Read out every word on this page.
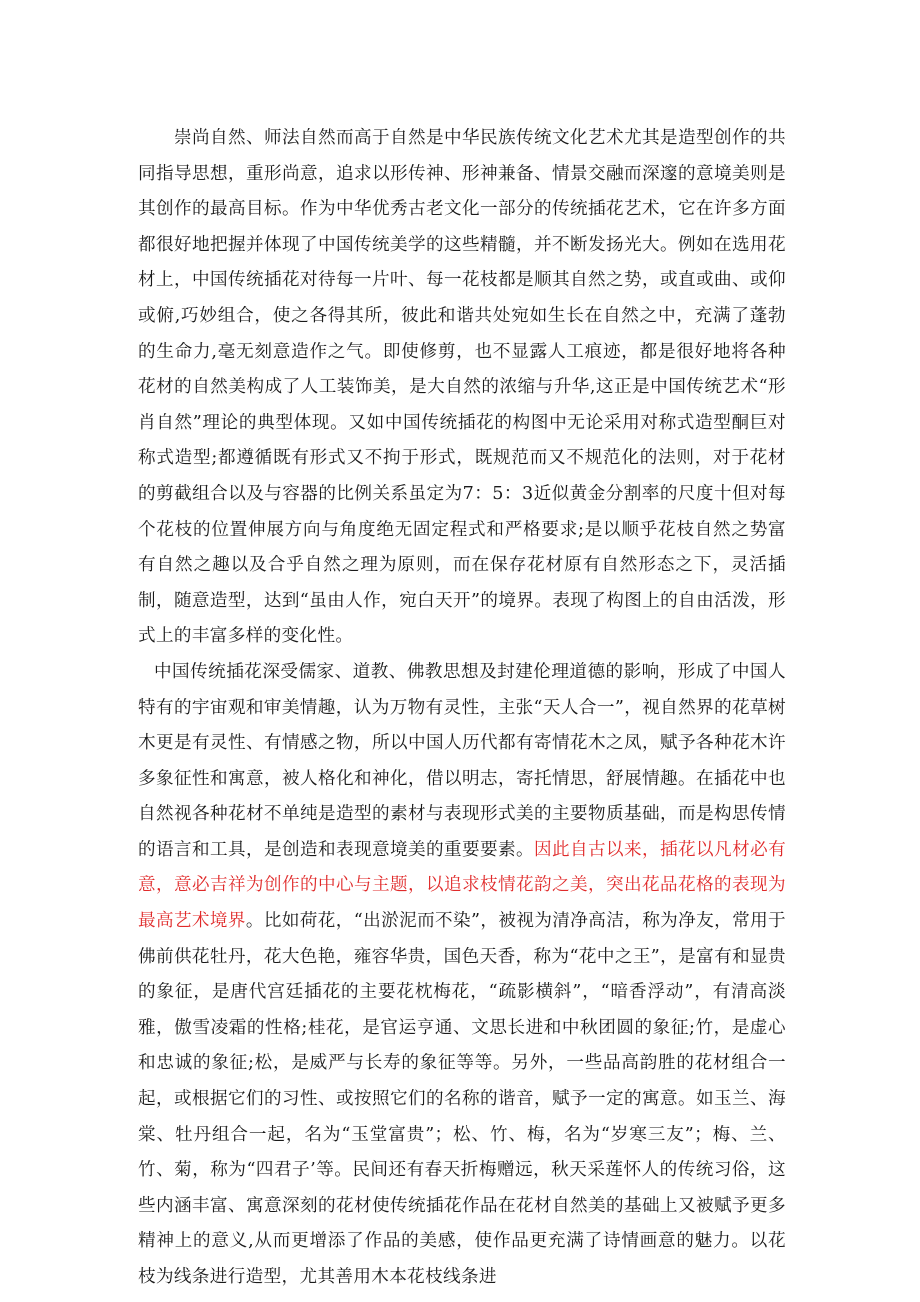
崇尚自然、师法自然而高于自然是中华民族传统文化艺术尤其是造型创作的共同指导思想，重形尚意，追求以形传神、形神兼备、情景交融而深邃的意境美则是其创作的最高目标。作为中华优秀古老文化一部分的传统插花艺术，它在许多方面都很好地把握并体现了中国传统美学的这些精髓，并不断发扬光大。例如在选用花材上，中国传统插花对待每一片叶、每一花枝都是顺其自然之势，或直或曲、或仰或俯,巧妙组合，使之各得其所，彼此和谐共处宛如生长在自然之中，充满了蓬勃的生命力,毫无刻意造作之气。即使修剪，也不显露人工痕迹，都是很好地将各种花材的自然美构成了人工装饰美，是大自然的浓缩与升华,这正是中国传统艺术“形肖自然”理论的典型体现。又如中国传统插花的构图中无论采用对称式造型酮巨对称式造型;都遵循既有形式又不拘于形式，既规范而又不规范化的法则，对于花材的剪截组合以及与容器的比例关系虽定为7：5：3近似黄金分割率的尺度十但对每个花枝的位置伸展方向与角度绝无固定程式和严格要求;是以顺乎花枝自然之势富有自然之趣以及合乎自然之理为原则，而在保存花材原有自然形态之下，灵活插制，随意造型，达到“虽由人作，宛白天开”的境界。表现了构图上的自由活泼，形式上的丰富多样的变化性。

中国传统插花深受儒家、道教、佛教思想及封建伦理道德的影响，形成了中国人特有的宇宙观和审美情趣，认为万物有灵性，主张“天人合一”，视自然界的花草树木更是有灵性、有情感之物，所以中国人历代都有寄情花木之凤，赋予各种花木许多象征性和寓意，被人格化和神化，借以明志，寄托情思，舒展情趣。在插花中也自然视各种花材不单纯是造型的素材与表现形式美的主要物质基础，而是构思传情的语言和工具，是创造和表现意境美的重要要素。因此自古以来，插花以凡材必有意，意必吉祥为创作的中心与主题，以追求枝情花韵之美，突出花品花格的表现为最高艺术境界。比如荷花，“出淤泥而不染”，被视为清净高洁，称为净友，常用于佛前供花牡丹，花大色艳，雍容华贵，国色天香，称为“花中之王”，是富有和显贵的象征，是唐代宫廷插花的主要花枕梅花，“疏影横斜”，“暗香浮动”，有清高淡雅，傲雪凌霜的性格;桂花，是官运亨通、文思长进和中秋团圆的象征;竹，是虚心和忠诚的象征;松，是威严与长寿的象征等等。另外，一些品高韵胜的花材组合一起，或根据它们的习性、或按照它们的名称的谐音，赋予一定的寓意。如玉兰、海棠、牡丹组合一起，名为“玉堂富贵”；松、竹、梅，名为“岁寒三友”；梅、兰、竹、菊，称为“四君子’等。民间还有春天折梅赠远，秋天采莲怀人的传统习俗，这些内涵丰富、寓意深刻的花材使传统插花作品在花材自然美的基础上又被赋予更多精神上的意义,从而更增添了作品的美感，使作品更充满了诗情画意的魅力。以花枝为线条进行造型，尤其善用木本花枝线条进
